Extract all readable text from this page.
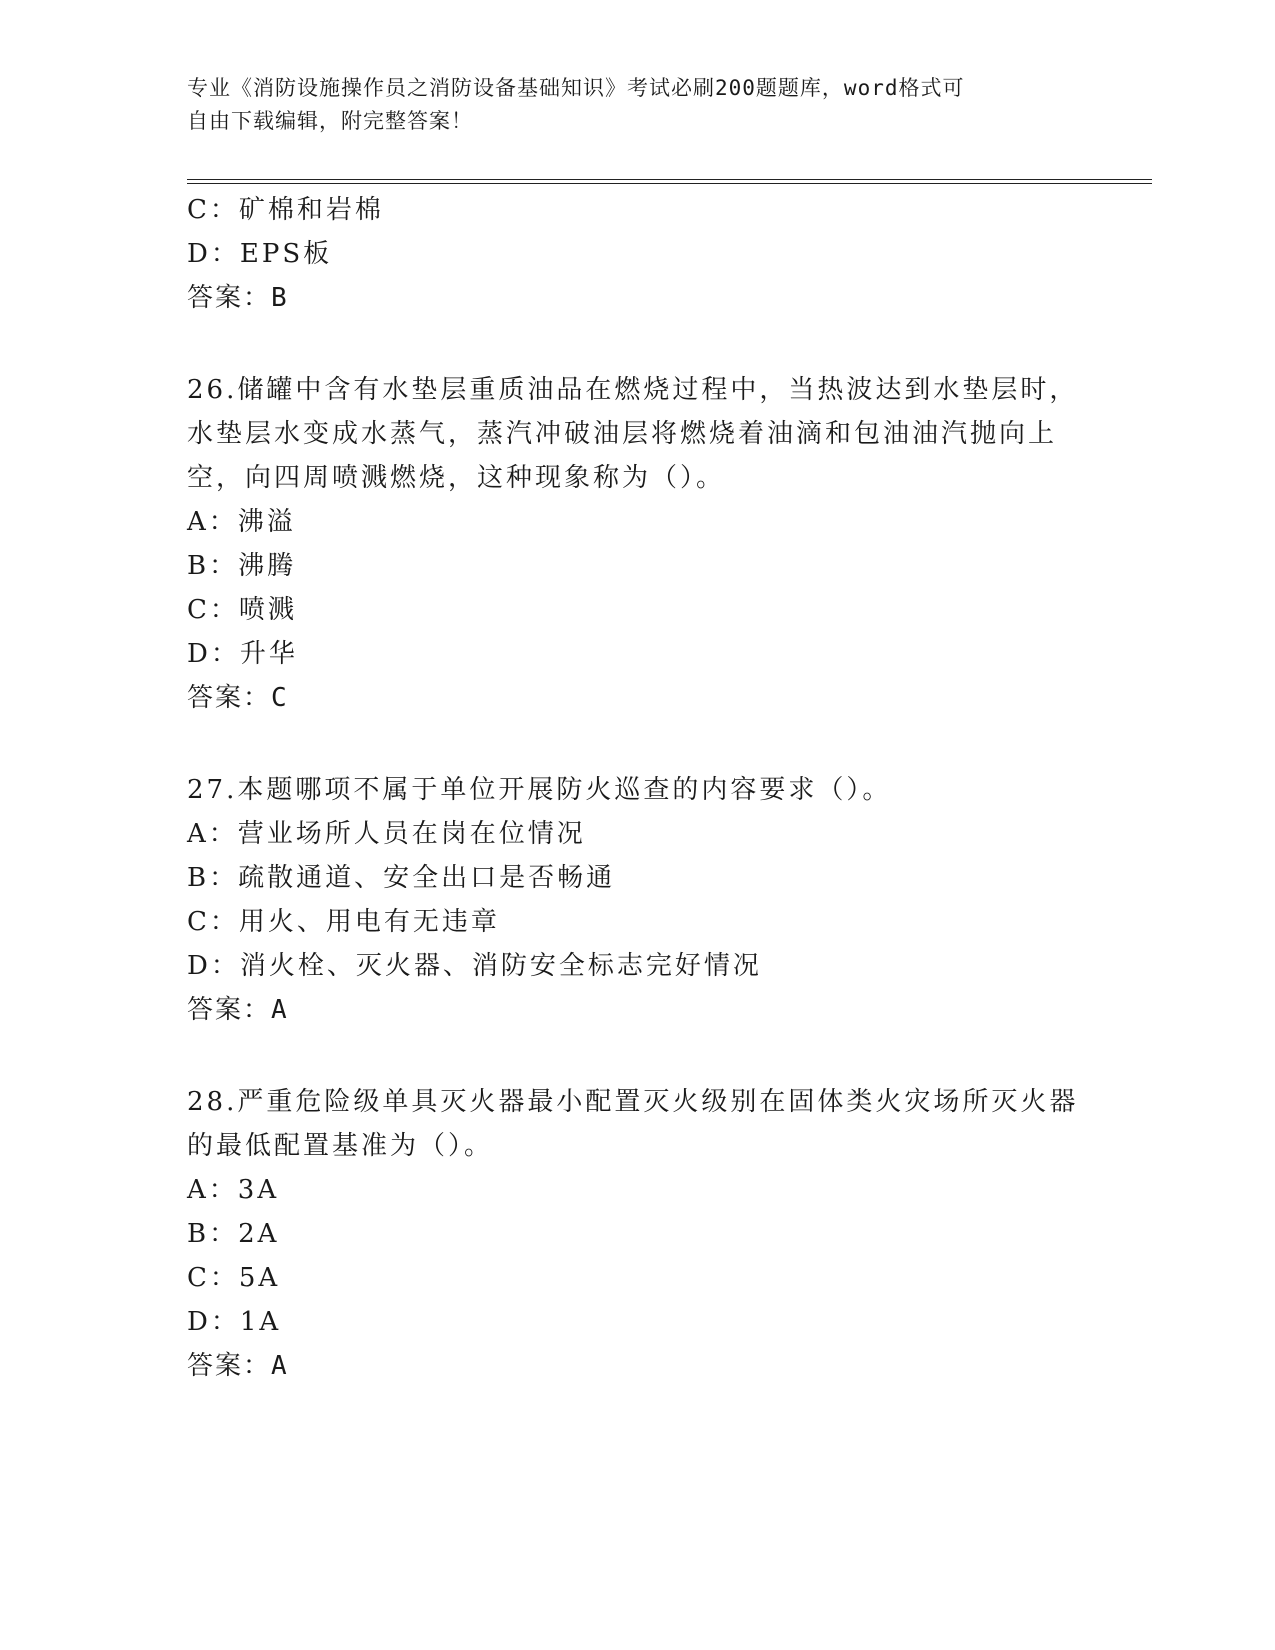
专业《消防设施操作员之消防设备基础知识》考试必刷200题题库，word格式可
自由下载编辑，附完整答案！
C：矿棉和岩棉
D：EPS板
答案：B
26.储罐中含有水垫层重质油品在燃烧过程中，当热波达到水垫层时，
水垫层水变成水蒸气，蒸汽冲破油层将燃烧着油滴和包油油汽抛向上
空，向四周喷溅燃烧，这种现象称为（）。
A：沸溢
B：沸腾
C：喷溅
D：升华
答案：C
27.本题哪项不属于单位开展防火巡查的内容要求（）。
A：营业场所人员在岗在位情况
B：疏散通道、安全出口是否畅通
C：用火、用电有无违章
D：消火栓、灭火器、消防安全标志完好情况
答案：A
28.严重危险级单具灭火器最小配置灭火级别在固体类火灾场所灭火器
的最低配置基准为（）。
A：3A
B：2A
C：5A
D：1A
答案：A
